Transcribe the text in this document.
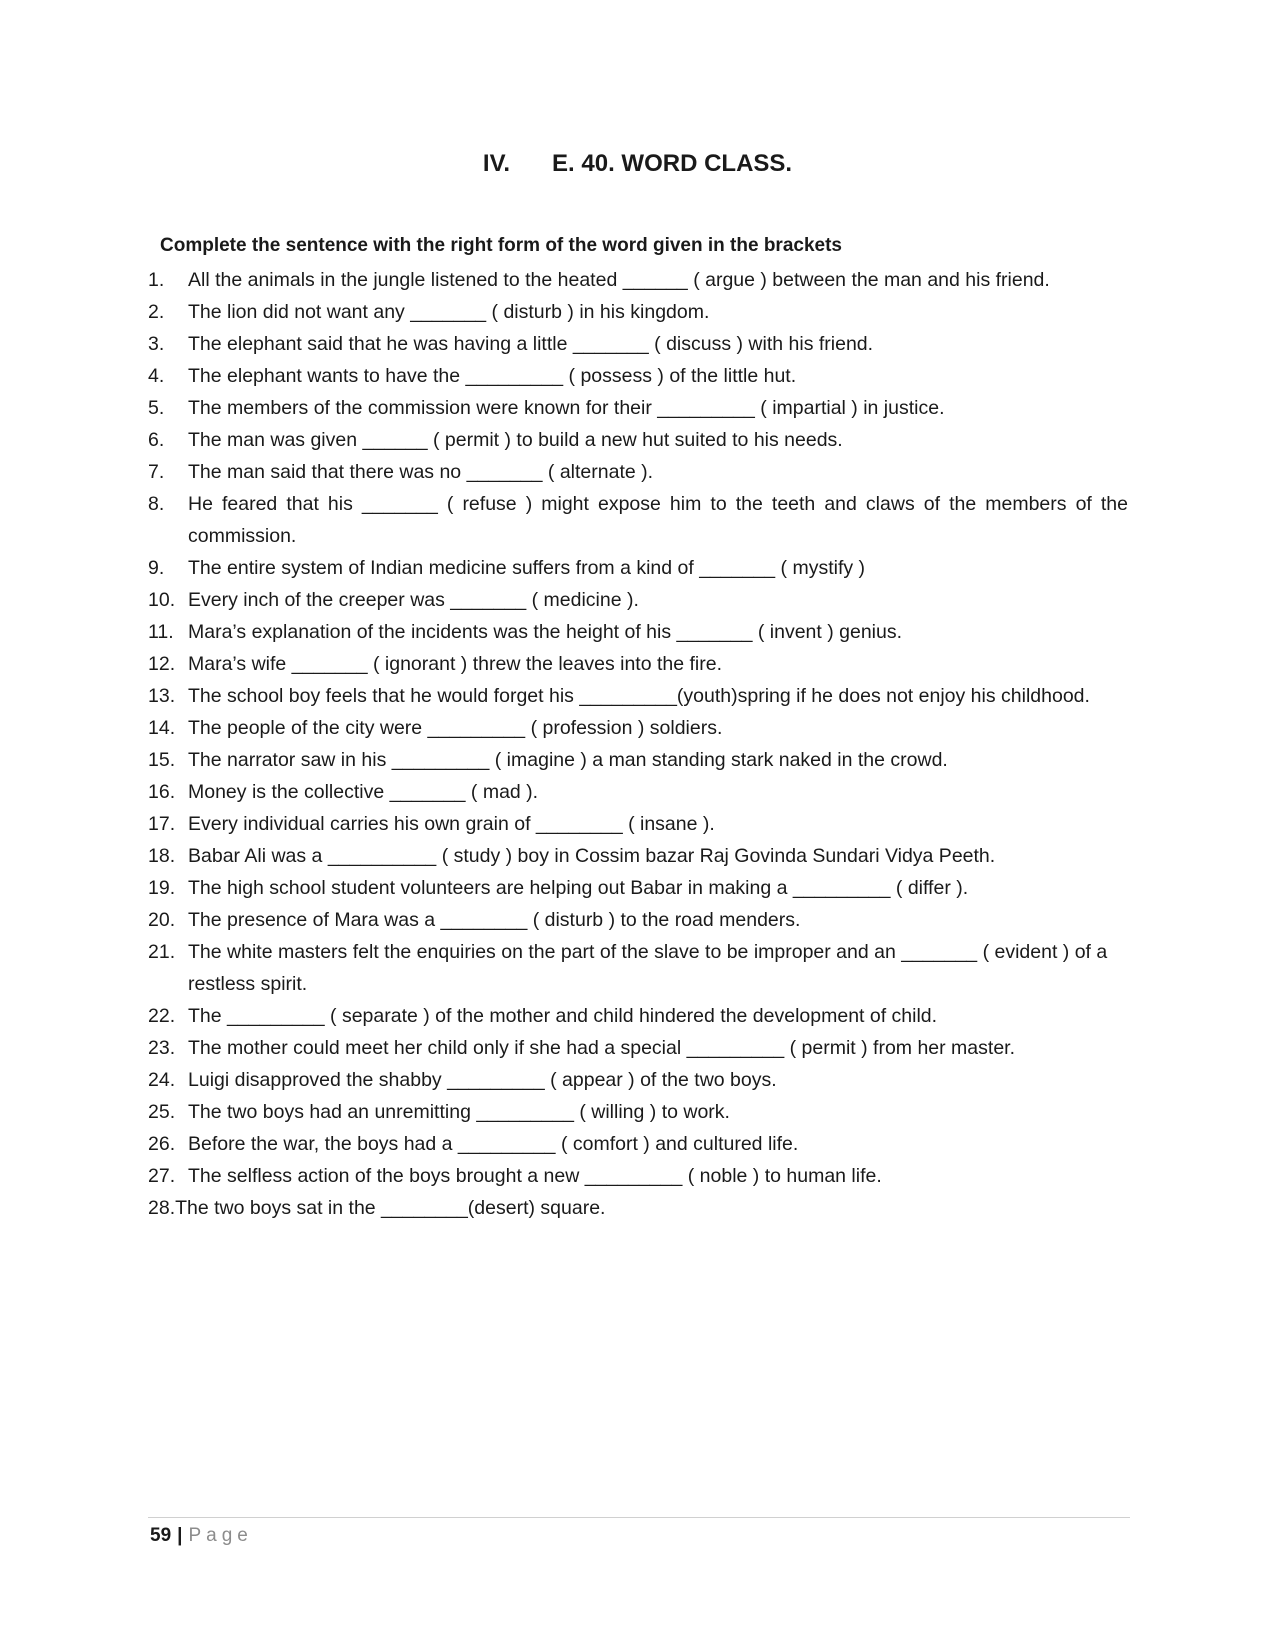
IV. E. 40. WORD CLASS.
Complete the sentence with the right form of the word given in the brackets
1. All the animals in the jungle listened to the heated ______ ( argue ) between the man and his friend.
2. The lion did not want any _______ ( disturb ) in his kingdom.
3. The elephant said that he was having a little _______ ( discuss ) with his friend.
4. The elephant wants to have the _________ ( possess ) of the little hut.
5. The members of the commission were known for their _________ ( impartial ) in justice.
6. The man was given ______ ( permit ) to build a new hut suited to his needs.
7. The man said that there was no _______ ( alternate ).
8. He feared that his _______ ( refuse ) might expose him to the teeth and claws of the members of the commission.
9. The entire system of Indian medicine suffers from a kind of _______ ( mystify )
10. Every inch of the creeper was _______ ( medicine ).
11. Mara’s explanation of the incidents was the height of his _______ ( invent ) genius.
12. Mara’s wife _______ ( ignorant ) threw the leaves into the fire.
13. The school boy feels that he would forget his _________(youth)spring if he does not enjoy his childhood.
14. The people of the city were _________ ( profession ) soldiers.
15. The narrator saw in his _________ ( imagine ) a man standing stark naked in the crowd.
16. Money is the collective _______ ( mad ).
17. Every individual carries his own grain of ________ ( insane ).
18. Babar Ali was a __________ ( study ) boy in Cossim bazar Raj Govinda Sundari Vidya Peeth.
19. The high school student volunteers are helping out Babar in making a _________ ( differ ).
20. The presence of Mara was a ________ ( disturb ) to the road menders.
21. The white masters felt the enquiries on the part of the slave to be improper and an _______ ( evident ) of a restless spirit.
22. The _________ ( separate ) of the mother and child hindered the development of child.
23. The mother could meet her child only if she had a special _________ ( permit ) from her master.
24. Luigi disapproved the shabby _________ ( appear ) of the two boys.
25. The two boys had an unremitting _________ ( willing ) to work.
26. Before the war, the boys had a _________ ( comfort ) and cultured life.
27. The selfless action of the boys brought a new _________ ( noble ) to human life.
28.The two boys sat in the ________(desert) square.
59 | Page
